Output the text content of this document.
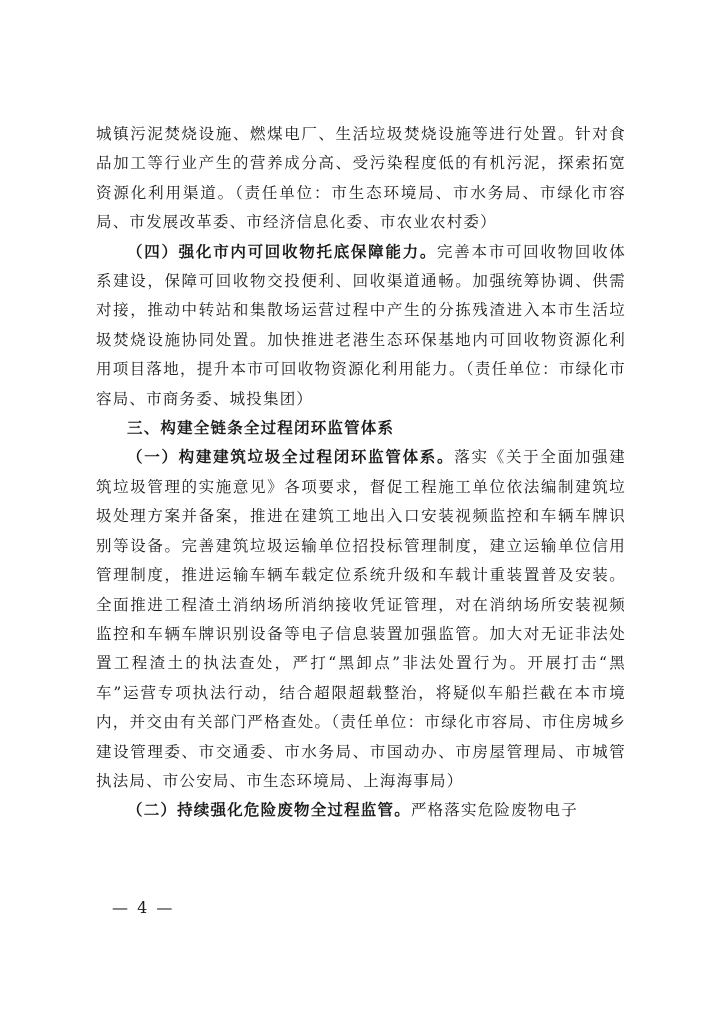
城镇污泥焚烧设施、燃煤电厂、生活垃圾焚烧设施等进行处置。针对食品加工等行业产生的营养成分高、受污染程度低的有机污泥，探索拓宽资源化利用渠道。（责任单位：市生态环境局、市水务局、市绿化市容局、市发展改革委、市经济信息化委、市农业农村委）

（四）强化市内可回收物托底保障能力。完善本市可回收物回收体系建设，保障可回收物交投便利、回收渠道通畅。加强统筹协调、供需对接，推动中转站和集散场运营过程中产生的分拣残渣进入本市生活垃圾焚烧设施协同处置。加快推进老港生态环保基地内可回收物资源化利用项目落地，提升本市可回收物资源化利用能力。（责任单位：市绿化市容局、市商务委、城投集团）

三、构建全链条全过程闭环监管体系

（一）构建建筑垃圾全过程闭环监管体系。落实《关于全面加强建筑垃圾管理的实施意见》各项要求，督促工程施工单位依法编制建筑垃圾处理方案并备案，推进在建筑工地出入口安装视频监控和车辆车牌识别等设备。完善建筑垃圾运输单位招投标管理制度，建立运输单位信用管理制度，推进运输车辆车载定位系统升级和车载计重装置普及安装。全面推进工程渣土消纳场所消纳接收凭证管理，对在消纳场所安装视频监控和车辆车牌识别设备等电子信息装置加强监管。加大对无证非法处置工程渣土的执法查处，严打“黑卸点”非法处置行为。开展打击“黑车”运营专项执法行动，结合超限超载整治，将疑似车船拦截在本市境内，并交由有关部门严格查处。（责任单位：市绿化市容局、市住房城乡建设管理委、市交通委、市水务局、市国动办、市房屋管理局、市城管执法局、市公安局、市生态环境局、上海海事局）

（二）持续强化危险废物全过程监管。严格落实危险废物电子

— 4 —
